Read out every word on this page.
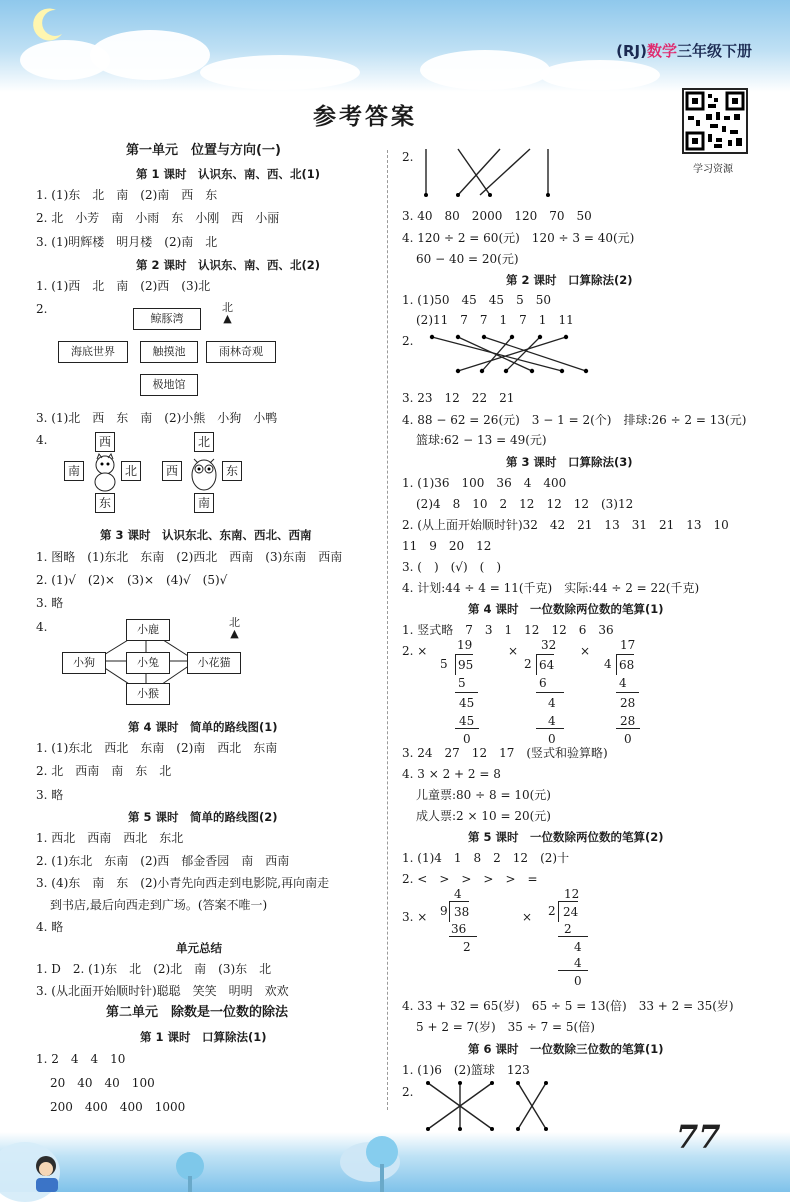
(RJ)数学三年级下册
参考答案
学习资源
第一单元　位置与方向(一)
第 1 课时　认识东、南、西、北(1)
1. (1)东　北　南　(2)南　西　东
2. 北　小芳　南　小雨　东　小刚　西　小丽
3. (1)明辉楼　明月楼　(2)南　北
第 2 课时　认识东、南、西、北(2)
1. (1)西　北　南　(2)西　(3)北
2.
鲸豚湾
海底世界	触摸池	雨林奇观
极地馆
北
▲
3. (1)北　西　东　南　(2)小熊　小狗　小鸭
4.	西
南	北
东
北
西	东
南
第 3 课时　认识东北、东南、西北、西南
1. 图略　(1)东北　东南　(2)西北　西南　(3)东南　西南
2. (1)√　(2)×　(3)×　(4)√　(5)√
3. 略
4.	小鹿
小狗	小兔	小花猫
小猴
北
▲
第 4 课时　简单的路线图(1)
1. (1)东北　西北　东南　(2)南　西北　东南
2. 北　西南　南　东　北
3. 略
第 5 课时　简单的路线图(2)
1. 西北　西南　西北　东北
2. (1)东北　东南　(2)西　郁金香园　南　西南
3. (4)东　南　东　(2)小青先向西走到电影院,再向南走
到书店,最后向西走到广场。(答案不唯一)
4. 略
单元总结
1. D　2. (1)东　北　(2)北　南　(3)东　北
3. (从北面开始顺时针)聪聪　笑笑　明明　欢欢
第二单元　除数是一位数的除法
第 1 课时　口算除法(1)
1. 2　4　4　10
20　40　40　100
200　400　400　1000
2.
3. 40　80　2000　120　70　50
4. 120 ÷ 2 = 60(元)　120 ÷ 3 = 40(元)
60 − 40 = 20(元)
第 2 课时　口算除法(2)
1. (1)50　45　45　5　50
(2)11　7　7　1　7　1　11
2.
3. 23　12　22　21
4. 88 − 62 = 26(元)　3 − 1 = 2(个)　排球:26 ÷ 2 = 13(元)
篮球:62 − 13 = 49(元)
第 3 课时　口算除法(3)
1. (1)36　100　36　4　400
(2)4　8　10　2　12　12　12　(3)12
2. (从上面开始顺时针)32　42　21　13　31　21　13　10
11　9　20　12
3. (　)　(√)　(　)
4. 计划:44 ÷ 4 = 11(千克)　实际:44 ÷ 2 = 22(千克)
第 4 课时　一位数除两位数的笔算(1)
1. 竖式略　7　3　1　12　12　6　36
2. × 19
5 95
5
45
45
0
× 32
2 64
6
4
4
0
× 17
4 68
4
28
28
0
3. 24　27　12　17　(竖式和验算略)
4. 3 × 2 + 2 = 8
儿童票:80 ÷ 8 = 10(元)
成人票:2 × 10 = 20(元)
第 5 课时　一位数除两位数的笔算(2)
1. (1)4　1　8　2　12　(2)十
2. <　>　>　>　>　=
3. ×
4
9 38
36
2
×
12
2 24
2
4
4
0
4. 33 + 32 = 65(岁)　65 ÷ 5 = 13(倍)　33 + 2 = 35(岁)
5 + 2 = 7(岁)　35 ÷ 7 = 5(倍)
第 6 课时　一位数除三位数的笔算(1)
1. (1)6　(2)篮球　123
2.
77
